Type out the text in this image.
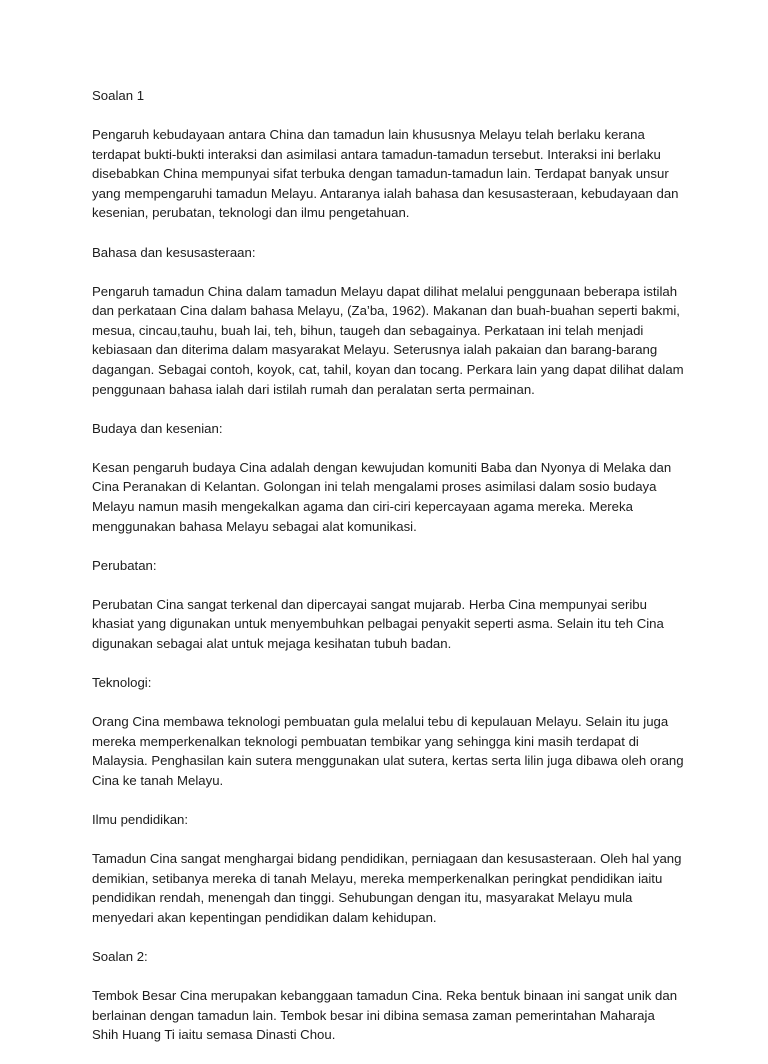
Soalan 1
Pengaruh kebudayaan antara China dan tamadun lain khususnya Melayu telah berlaku kerana
terdapat bukti-bukti interaksi dan asimilasi antara tamadun-tamadun tersebut. Interaksi ini berlaku
disebabkan China mempunyai sifat terbuka dengan tamadun-tamadun lain. Terdapat banyak unsur
yang mempengaruhi tamadun Melayu. Antaranya ialah bahasa dan kesusasteraan, kebudayaan dan
kesenian, perubatan, teknologi dan ilmu pengetahuan.
Bahasa dan kesusasteraan:
Pengaruh tamadun China dalam tamadun Melayu dapat dilihat melalui penggunaan beberapa istilah
dan perkataan Cina dalam bahasa Melayu, (Za’ba, 1962). Makanan dan buah-buahan seperti bakmi,
mesua, cincau,tauhu, buah lai, teh, bihun, taugeh dan sebagainya. Perkataan ini telah menjadi
kebiasaan dan diterima dalam masyarakat Melayu. Seterusnya ialah pakaian dan barang-barang
dagangan. Sebagai contoh, koyok, cat, tahil, koyan dan tocang. Perkara lain yang dapat dilihat dalam
penggunaan bahasa ialah dari istilah rumah dan peralatan serta permainan.
Budaya dan kesenian:
Kesan pengaruh budaya Cina adalah dengan kewujudan komuniti Baba dan Nyonya di Melaka dan
Cina Peranakan di Kelantan. Golongan ini telah mengalami proses asimilasi dalam sosio budaya
Melayu namun masih mengekalkan agama dan ciri-ciri kepercayaan agama mereka. Mereka
menggunakan bahasa Melayu sebagai alat komunikasi.
Perubatan:
Perubatan Cina sangat terkenal dan dipercayai sangat mujarab. Herba Cina mempunyai seribu
khasiat yang digunakan untuk menyembuhkan pelbagai penyakit seperti asma. Selain itu teh Cina
digunakan sebagai alat untuk mejaga kesihatan tubuh badan.
Teknologi:
Orang Cina membawa teknologi pembuatan gula melalui tebu di kepulauan Melayu. Selain itu juga
mereka memperkenalkan teknologi pembuatan tembikar yang sehingga kini masih terdapat di
Malaysia. Penghasilan kain sutera menggunakan ulat sutera, kertas serta lilin juga dibawa oleh orang
Cina ke tanah Melayu.
Ilmu pendidikan:
Tamadun Cina sangat menghargai bidang pendidikan, perniagaan dan kesusasteraan. Oleh hal yang
demikian, setibanya mereka di tanah Melayu, mereka memperkenalkan peringkat pendidikan iaitu
pendidikan rendah, menengah dan tinggi. Sehubungan dengan itu, masyarakat Melayu mula
menyedari akan kepentingan pendidikan dalam kehidupan.
Soalan 2:
Tembok Besar Cina merupakan kebanggaan tamadun Cina. Reka bentuk binaan ini sangat unik dan
berlainan dengan tamadun lain. Tembok besar ini dibina semasa zaman pemerintahan Maharaja
Shih Huang Ti iaitu semasa Dinasti Chou.
